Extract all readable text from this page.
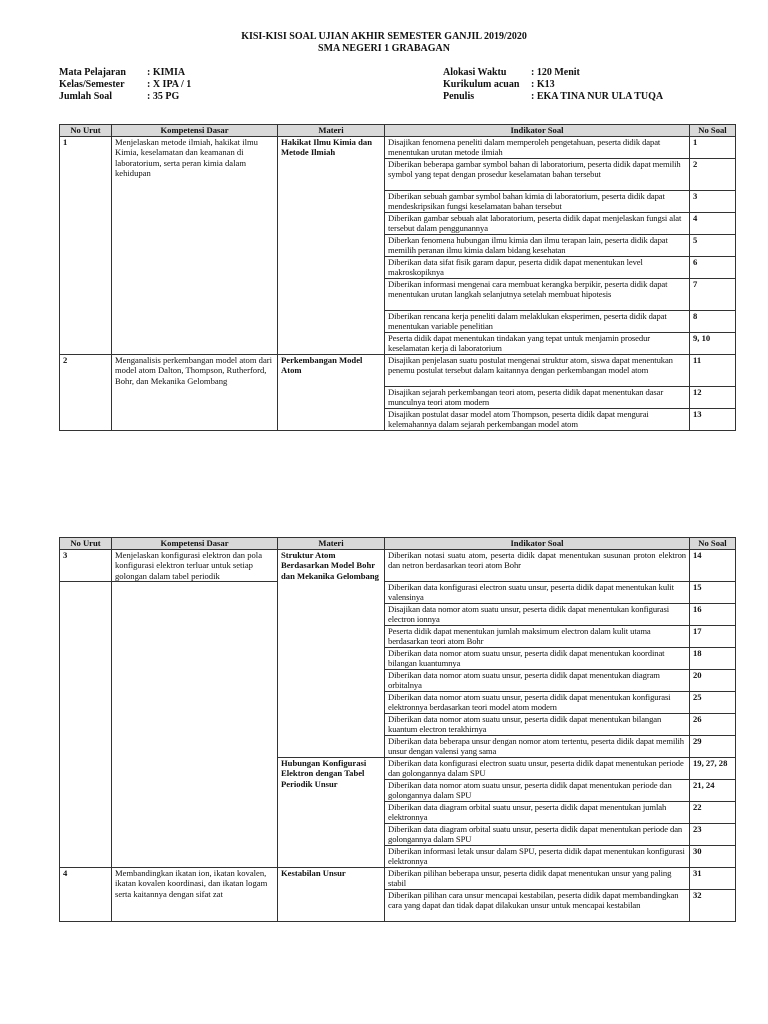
KISI-KISI SOAL UJIAN AKHIR SEMESTER GANJIL 2019/2020
SMA NEGERI 1 GRABAGAN
Mata Pelajaran	: KIMIA
Kelas/Semester	: X IPA / 1
Jumlah Soal	: 35 PG
Alokasi Waktu	: 120 Menit
Kurikulum acuan	: K13
Penulis	: EKA TINA NUR ULA TUQA
No Urut	Kompetensi Dasar	Materi	Indikator Soal	No Soal
1	Menjelaskan metode ilmiah, hakikat ilmu Kimia, keselamatan dan keamanan di laboratorium, serta peran kimia dalam kehidupan	Hakikat Ilmu Kimia dan Metode Ilmiah	Disajikan fenomena peneliti dalam memperoleh pengetahuan, peserta didik dapat menentukan urutan metode ilmiah	1
			Diberikan beberapa gambar symbol bahan di laboratorium, peserta didik dapat memilih symbol yang tepat dengan prosedur keselamatan bahan tersebut	2
			Diberikan sebuah gambar symbol bahan kimia di laboratorium, peserta didik dapat mendeskripsikan fungsi keselamatan bahan tersebut	3
			Diberikan gambar sebuah alat laboratorium, peserta didik dapat menjelaskan fungsi alat tersebut dalam penggunannya	4
			Diberkan fenomena hubungan ilmu kimia dan ilmu terapan lain, peserta didik dapat memilih peranan ilmu kimia dalam bidang kesehatan	5
			Diberikan data sifat fisik garam dapur, peserta didik dapat menentukan level makroskopiknya	6
			Diberikan informasi mengenai cara membuat kerangka berpikir, peserta didik dapat menentukan urutan langkah selanjutnya setelah membuat hipotesis	7
			Diberikan rencana kerja peneliti dalam melaklukan eksperimen, peserta didik dapat menentukan variable penelitian	8
			Peserta didik dapat menentukan tindakan yang tepat untuk menjamin prosedur keselamatan kerja di laboratorium	9, 10
2	Menganalisis perkembangan model atom dari model atom Dalton, Thompson, Rutherford, Bohr, dan Mekanika Gelombang	Perkembangan Model Atom	Disajikan penjelasan suatu postulat mengenai struktur atom, siswa dapat menentukan penemu postulat tersebut dalam kaitannya dengan perkembangan model atom	11
			Disajikan sejarah perkembangan teori atom, peserta didik dapat menentukan dasar munculnya teori atom modern	12
			Disajikan postulat dasar model atom Thompson, peserta didik dapat mengurai kelemahannya dalam sejarah perkembangan model atom	13
No Urut	Kompetensi Dasar	Materi	Indikator Soal	No Soal
3	Menjelaskan konfigurasi elektron dan pola konfigurasi elektron terluar untuk setiap golongan dalam tabel periodik	Struktur Atom Berdasarkan Model Bohr dan Mekanika Gelombang	Diberikan notasi suatu atom, peserta didik dapat menentukan susunan proton elektron dan netron berdasarkan teori atom Bohr	14
			Diberikan data konfigurasi electron suatu unsur, peserta didik dapat menentukan kulit valensinya	15
			Disajikan data nomor atom suatu unsur, peserta didik dapat menentukan konfigurasi electron ionnya	16
			Peserta didik dapat menentukan jumlah maksimum electron dalam kulit utama berdasarkan teori atom Bohr	17
			Diberikan data nomor atom suatu unsur, peserta didik dapat menentukan koordinat bilangan kuantumnya	18
			Diberikan data nomor atom suatu unsur, peserta didik dapat menentukan diagram orbitalnya	20
			Diberikan data nomor atom suatu unsur, peserta didik dapat menentukan konfigurasi elektronnya berdasarkan teori model atom modern	25
			Diberikan data nomor atom suatu unsur, peserta didik dapat menentukan bilangan kuantum electron terakhirnya	26
			Diberikan data beberapa unsur dengan nomor atom tertentu, peserta didik dapat memilih unsur dengan valensi yang sama	29
		Hubungan Konfigurasi Elektron dengan Tabel Periodik Unsur	Diberikan data konfigurasi electron suatu unsur, peserta didik dapat menentukan periode dan golongannya dalam SPU	19, 27, 28
			Diberikan data nomor atom suatu unsur, peserta didik dapat menentukan periode dan golongannya dalam SPU	21, 24
			Diberikan data diagram orbital suatu unsur, peserta didik dapat menentukan jumlah elektronnya	22
			Diberikan data diagram orbital suatu unsur, peserta didik dapat menentukan periode dan golongannya dalam SPU	23
			Diberikan informasi letak unsur dalam SPU, peserta didik dapat menentukan konfigurasi elektronnya	30
4	Membandingkan ikatan ion, ikatan kovalen, ikatan kovalen koordinasi, dan ikatan logam serta kaitannya dengan sifat zat	Kestabilan Unsur	Diberikan pilihan beberapa unsur, peserta didik dapat menentukan unsur yang paling stabil	31
			Diberikan pilihan cara unsur mencapai kestabilan, peserta didik dapat membandingkan cara yang dapat dan tidak dapat dilakukan unsur untuk mencapai kestabilan	32
